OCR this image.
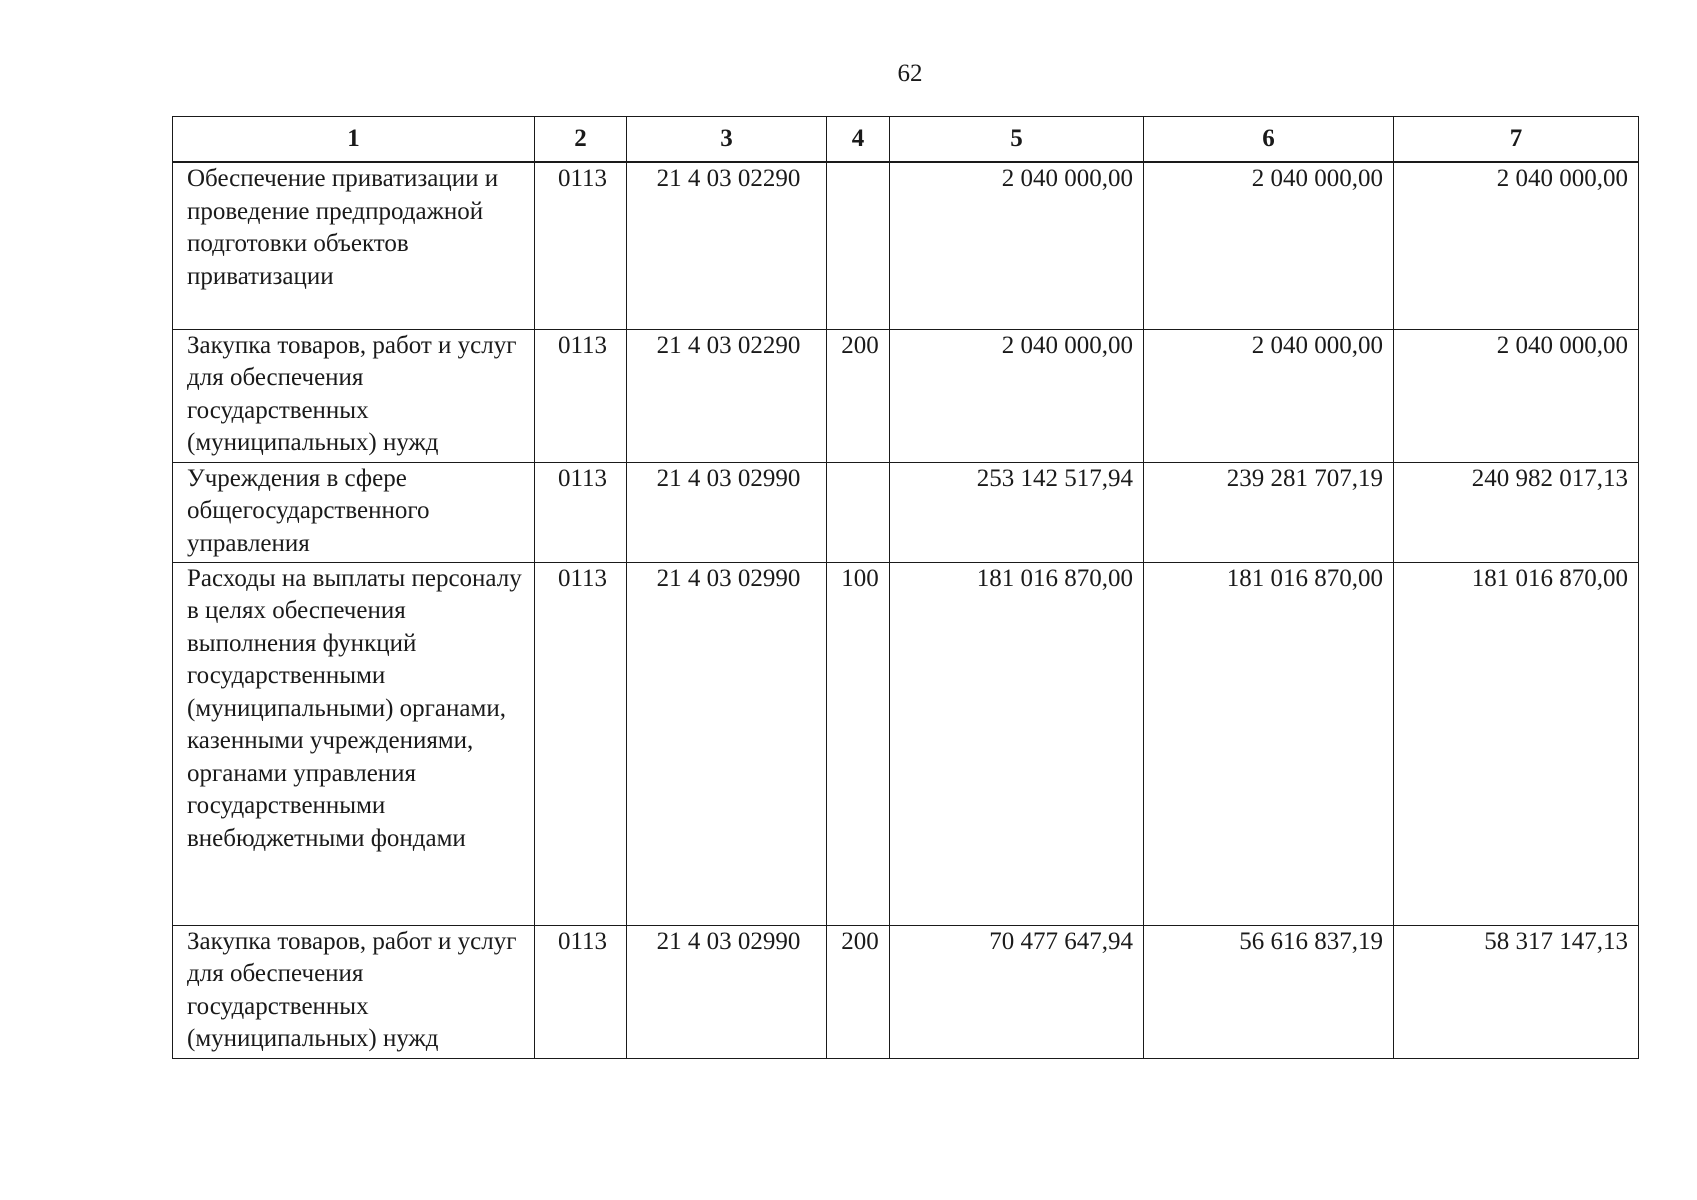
62
1	2	3	4	5	6	7
Обеспечение приватизации и проведение предпродажной подготовки объектов приватизации	0113	21 4 03 02290		2 040 000,00	2 040 000,00	2 040 000,00
Закупка товаров, работ и услуг для обеспечения государственных (муниципальных) нужд	0113	21 4 03 02290	200	2 040 000,00	2 040 000,00	2 040 000,00
Учреждения в сфере общегосударственного управления	0113	21 4 03 02990		253 142 517,94	239 281 707,19	240 982 017,13
Расходы на выплаты персоналу в целях обеспечения выполнения функций государственными (муниципальными) органами, казенными учреждениями, органами управления государственными внебюджетными фондами	0113	21 4 03 02990	100	181 016 870,00	181 016 870,00	181 016 870,00
Закупка товаров, работ и услуг для обеспечения государственных (муниципальных) нужд	0113	21 4 03 02990	200	70 477 647,94	56 616 837,19	58 317 147,13
